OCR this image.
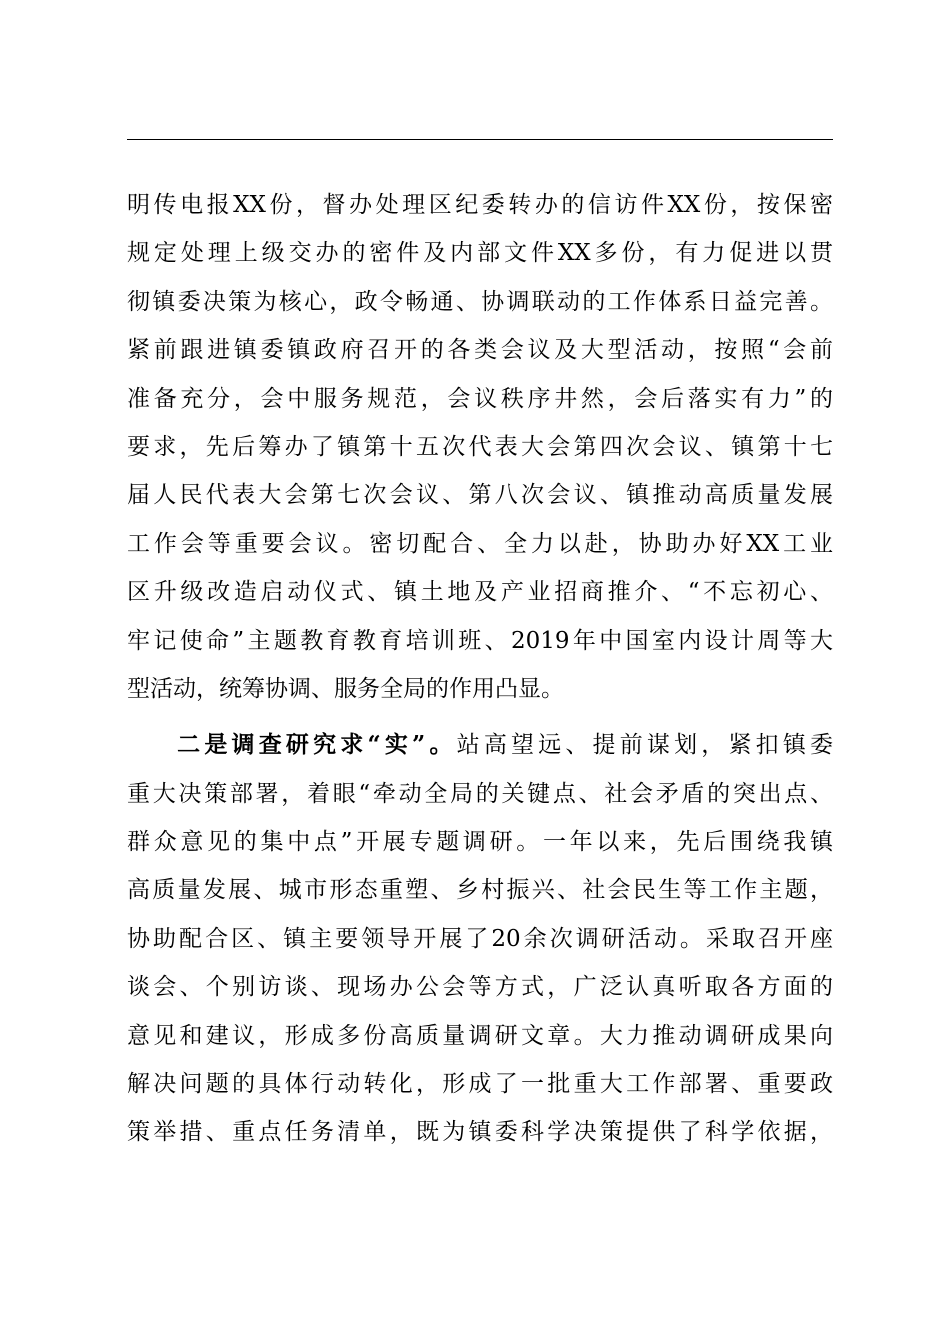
明传电报XX份，督办处理区纪委转办的信访件XX份，按保密
规定处理上级交办的密件及内部文件XX多份，有力促进以贯
彻镇委决策为核心，政令畅通、协调联动的工作体系日益完善。
紧前跟进镇委镇政府召开的各类会议及大型活动，按照“会前
准备充分，会中服务规范，会议秩序井然，会后落实有力”的
要求，先后筹办了镇第十五次代表大会第四次会议、镇第十七
届人民代表大会第七次会议、第八次会议、镇推动高质量发展
工作会等重要会议。密切配合、全力以赴，协助办好XX工业
区升级改造启动仪式、镇土地及产业招商推介、“不忘初心、
牢记使命”主题教育教育培训班、2019年中国室内设计周等大
型活动，统筹协调、服务全局的作用凸显。
二是调查研究求“实”。站高望远、提前谋划，紧扣镇委
重大决策部署，着眼“牵动全局的关键点、社会矛盾的突出点、
群众意见的集中点”开展专题调研。一年以来，先后围绕我镇
高质量发展、城市形态重塑、乡村振兴、社会民生等工作主题，
协助配合区、镇主要领导开展了20余次调研活动。采取召开座
谈会、个别访谈、现场办公会等方式，广泛认真听取各方面的
意见和建议，形成多份高质量调研文章。大力推动调研成果向
解决问题的具体行动转化，形成了一批重大工作部署、重要政
策举措、重点任务清单，既为镇委科学决策提供了科学依据，
